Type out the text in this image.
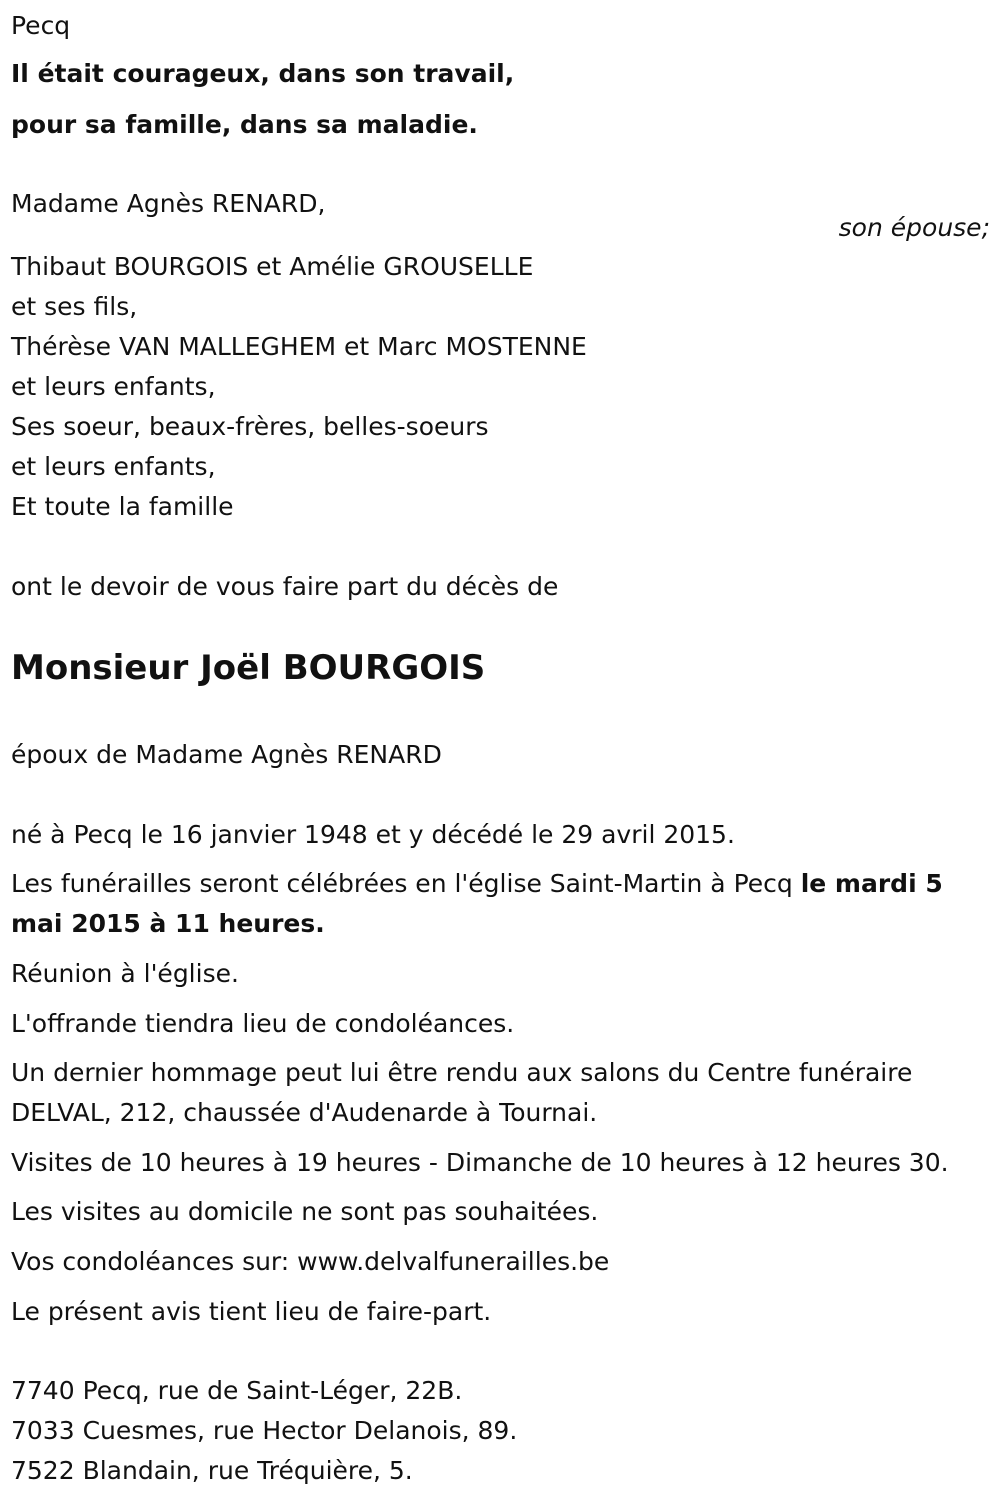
Pecq
Il était courageux, dans son travail,
pour sa famille, dans sa maladie.
Madame Agnès RENARD,
son épouse;
Thibaut BOURGOIS et Amélie GROUSELLE
et ses fils,
Thérèse VAN MALLEGHEM et Marc MOSTENNE
et leurs enfants,
Ses soeur, beaux-frères, belles-soeurs
et leurs enfants,
Et toute la famille
ont le devoir de vous faire part du décès de
Monsieur Joël BOURGOIS
époux de Madame Agnès RENARD
né à Pecq le 16 janvier 1948 et y décédé le 29 avril 2015.
Les funérailles seront célébrées en l'église Saint-Martin à Pecq le mardi 5
mai 2015 à 11 heures.
Réunion à l'église.
L'offrande tiendra lieu de condoléances.
Un dernier hommage peut lui être rendu aux salons du Centre funéraire
DELVAL, 212, chaussée d'Audenarde à Tournai.
Visites de 10 heures à 19 heures - Dimanche de 10 heures à 12 heures 30.
Les visites au domicile ne sont pas souhaitées.
Vos condoléances sur: www.delvalfunerailles.be
Le présent avis tient lieu de faire-part.
7740 Pecq, rue de Saint-Léger, 22B.
7033 Cuesmes, rue Hector Delanois, 89.
7522 Blandain, rue Tréquière, 5.
